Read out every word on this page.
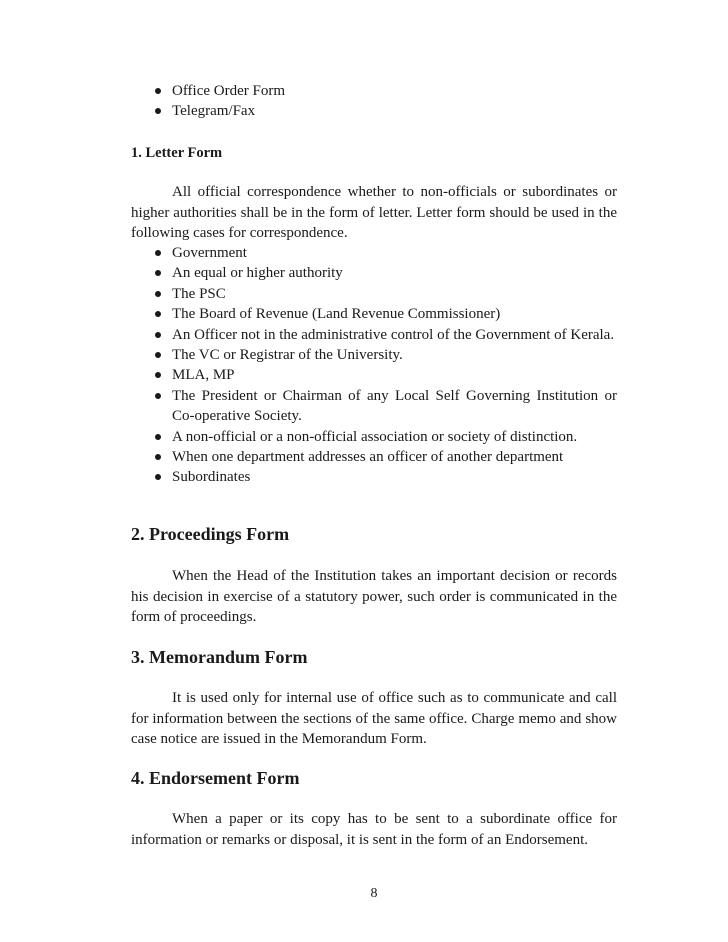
Office Order Form
Telegram/Fax
1. Letter Form

All official correspondence whether to non-officials or subordinates or higher authorities shall be in the form of letter. Letter form should be used in the following cases for correspondence.

Government
An equal or higher authority
The PSC
The Board of Revenue (Land Revenue Commissioner)
An Officer not in the administrative control of the Government of Kerala.
The VC or Registrar of the University.
MLA, MP
The President or Chairman of any Local Self Governing Institution or Co-operative Society.
A non-official or a non-official association or society of distinction.
When one department addresses an officer of another department
Subordinates
2. Proceedings Form

When the Head of the Institution takes an important decision or records his decision in exercise of a statutory power, such order is communicated in the form of proceedings.

3. Memorandum Form

It is used only for internal use of office such as to communicate and call for information between the sections of the same office. Charge memo and show case notice are issued in the Memorandum Form.

4. Endorsement Form

When a paper or its copy has to be sent to a subordinate office for information or remarks or disposal, it is sent in the form of an Endorsement.

8
